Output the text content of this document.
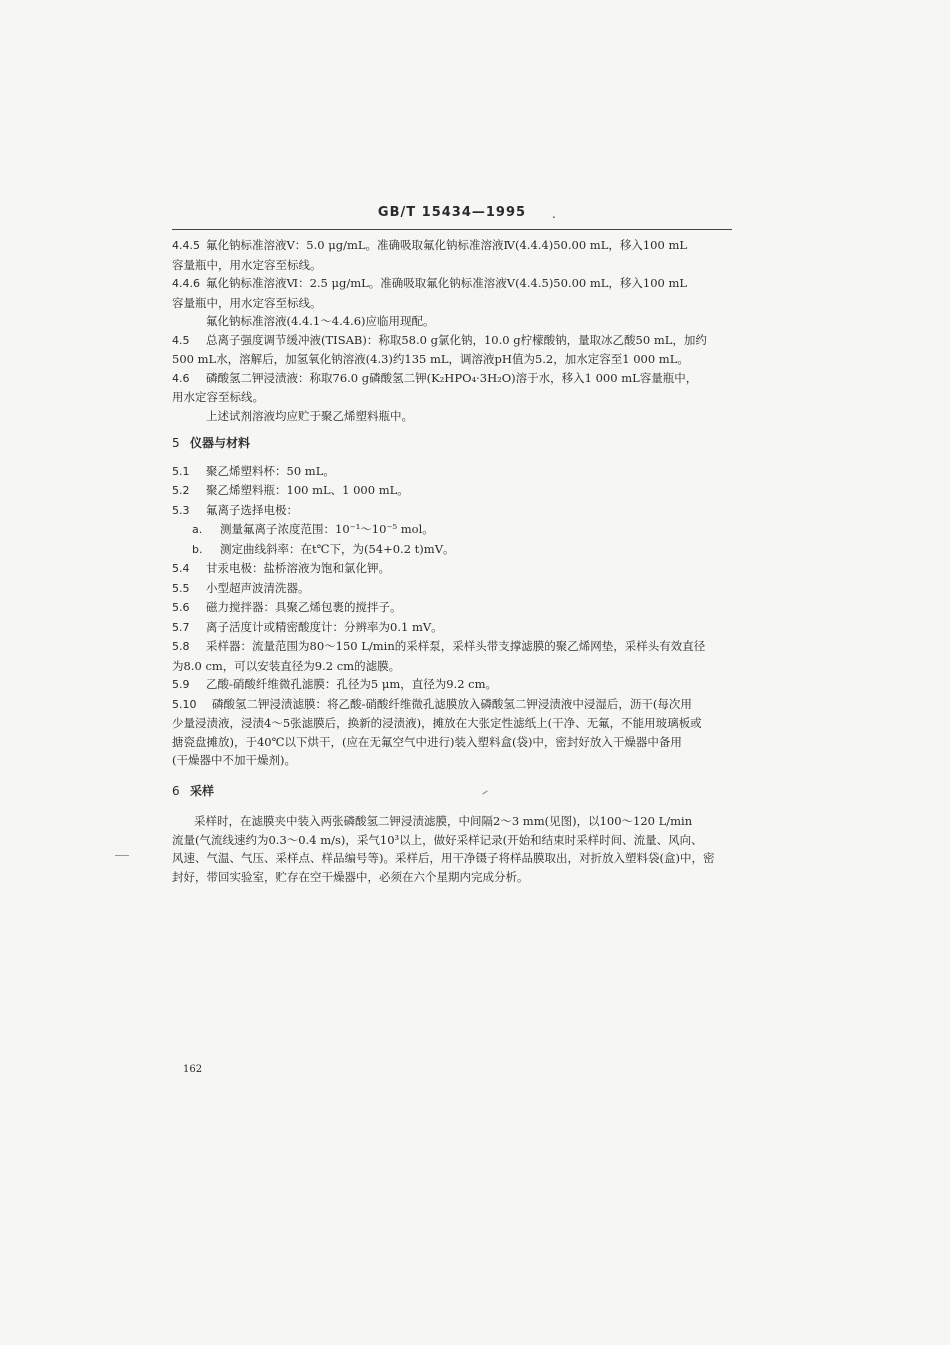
GB/T 15434—1995	.

4.4.5 氟化钠标准溶液Ⅴ：5.0 μg/mL。准确吸取氟化钠标准溶液Ⅳ(4.4.4)50.00 mL，移入100 mL

容量瓶中，用水定容至标线。

4.4.6 氟化钠标准溶液Ⅵ：2.5 μg/mL。准确吸取氟化钠标准溶液Ⅴ(4.4.5)50.00 mL，移入100 mL

容量瓶中，用水定容至标线。

氟化钠标准溶液(4.4.1～4.4.6)应临用现配。

4.5 总离子强度调节缓冲液(TISAB)：称取58.0 g氯化钠，10.0 g柠檬酸钠，量取冰乙酸50 mL，加约

500 mL水，溶解后，加氢氧化钠溶液(4.3)约135 mL，调溶液pH值为5.2，加水定容至1 000 mL。

4.6 磷酸氢二钾浸渍液：称取76.0 g磷酸氢二钾(K₂HPO₄·3H₂O)溶于水，移入1 000 mL容量瓶中，

用水定容至标线。

上述试剂溶液均应贮于聚乙烯塑料瓶中。

5 仪器与材料

5.1 聚乙烯塑料杯：50 mL。

5.2 聚乙烯塑料瓶：100 mL、1 000 mL。

5.3 氟离子选择电极：

a. 测量氟离子浓度范围：10⁻¹～10⁻⁵ mol。

b. 测定曲线斜率：在t℃下，为(54+0.2 t)mV。

5.4 甘汞电极：盐桥溶液为饱和氯化钾。

5.5 小型超声波清洗器。

5.6 磁力搅拌器：具聚乙烯包裹的搅拌子。

5.7 离子活度计或精密酸度计：分辨率为0.1 mV。

5.8 采样器：流量范围为80～150 L/min的采样泵，采样头带支撑滤膜的聚乙烯网垫，采样头有效直径

为8.0 cm，可以安装直径为9.2 cm的滤膜。

5.9 乙酸-硝酸纤维微孔滤膜：孔径为5 μm，直径为9.2 cm。

5.10 磷酸氢二钾浸渍滤膜：将乙酸-硝酸纤维微孔滤膜放入磷酸氢二钾浸渍液中浸湿后，沥干(每次用

少量浸渍液，浸渍4～5张滤膜后，换新的浸渍液)，摊放在大张定性滤纸上(干净、无氟，不能用玻璃板或

搪瓷盘摊放)，于40℃以下烘干，(应在无氟空气中进行)装入塑料盒(袋)中，密封好放入干燥器中备用

(干燥器中不加干燥剂)。

6 采样

采样时，在滤膜夹中装入两张磷酸氢二钾浸渍滤膜，中间隔2～3 mm(见图)，以100～120 L/min

流量(气流线速约为0.3～0.4 m/s)，采气10³以上，做好采样记录(开始和结束时采样时间、流量、风向、

风速、气温、气压、采样点、样品编号等)。采样后，用干净镊子将样品膜取出，对折放入塑料袋(盒)中，密

封好，带回实验室，贮存在空干燥器中，必须在六个星期内完成分析。

162
